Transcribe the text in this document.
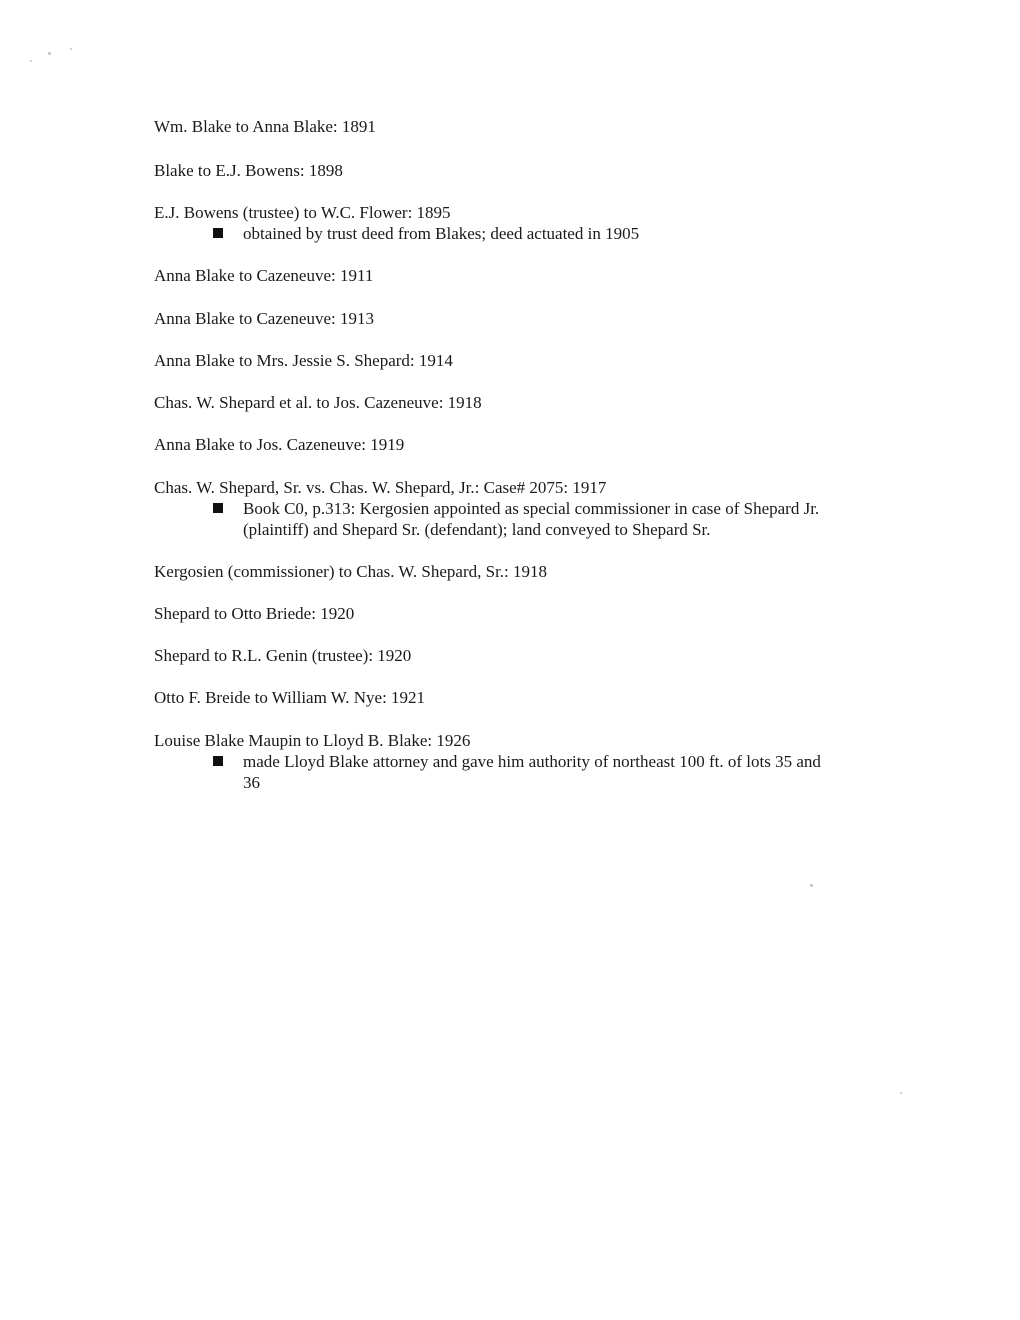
Wm. Blake to Anna Blake: 1891
Blake to E.J. Bowens: 1898
E.J. Bowens (trustee) to W.C. Flower: 1895
obtained by trust deed from Blakes; deed actuated in 1905
Anna Blake to Cazeneuve: 1911
Anna Blake to Cazeneuve: 1913
Anna Blake to Mrs. Jessie S. Shepard: 1914
Chas. W. Shepard et al. to Jos. Cazeneuve: 1918
Anna Blake to Jos. Cazeneuve: 1919
Chas. W. Shepard, Sr. vs. Chas. W. Shepard, Jr.: Case# 2075: 1917
Book C0, p.313: Kergosien appointed as special commissioner in case of Shepard Jr.
(plaintiff) and Shepard Sr. (defendant); land conveyed to Shepard Sr.
Kergosien (commissioner) to Chas. W. Shepard, Sr.: 1918
Shepard to Otto Briede: 1920
Shepard to R.L. Genin (trustee): 1920
Otto F. Breide to William W. Nye: 1921
Louise Blake Maupin to Lloyd B. Blake: 1926
made Lloyd Blake attorney and gave him authority of northeast 100 ft. of lots 35 and
36
